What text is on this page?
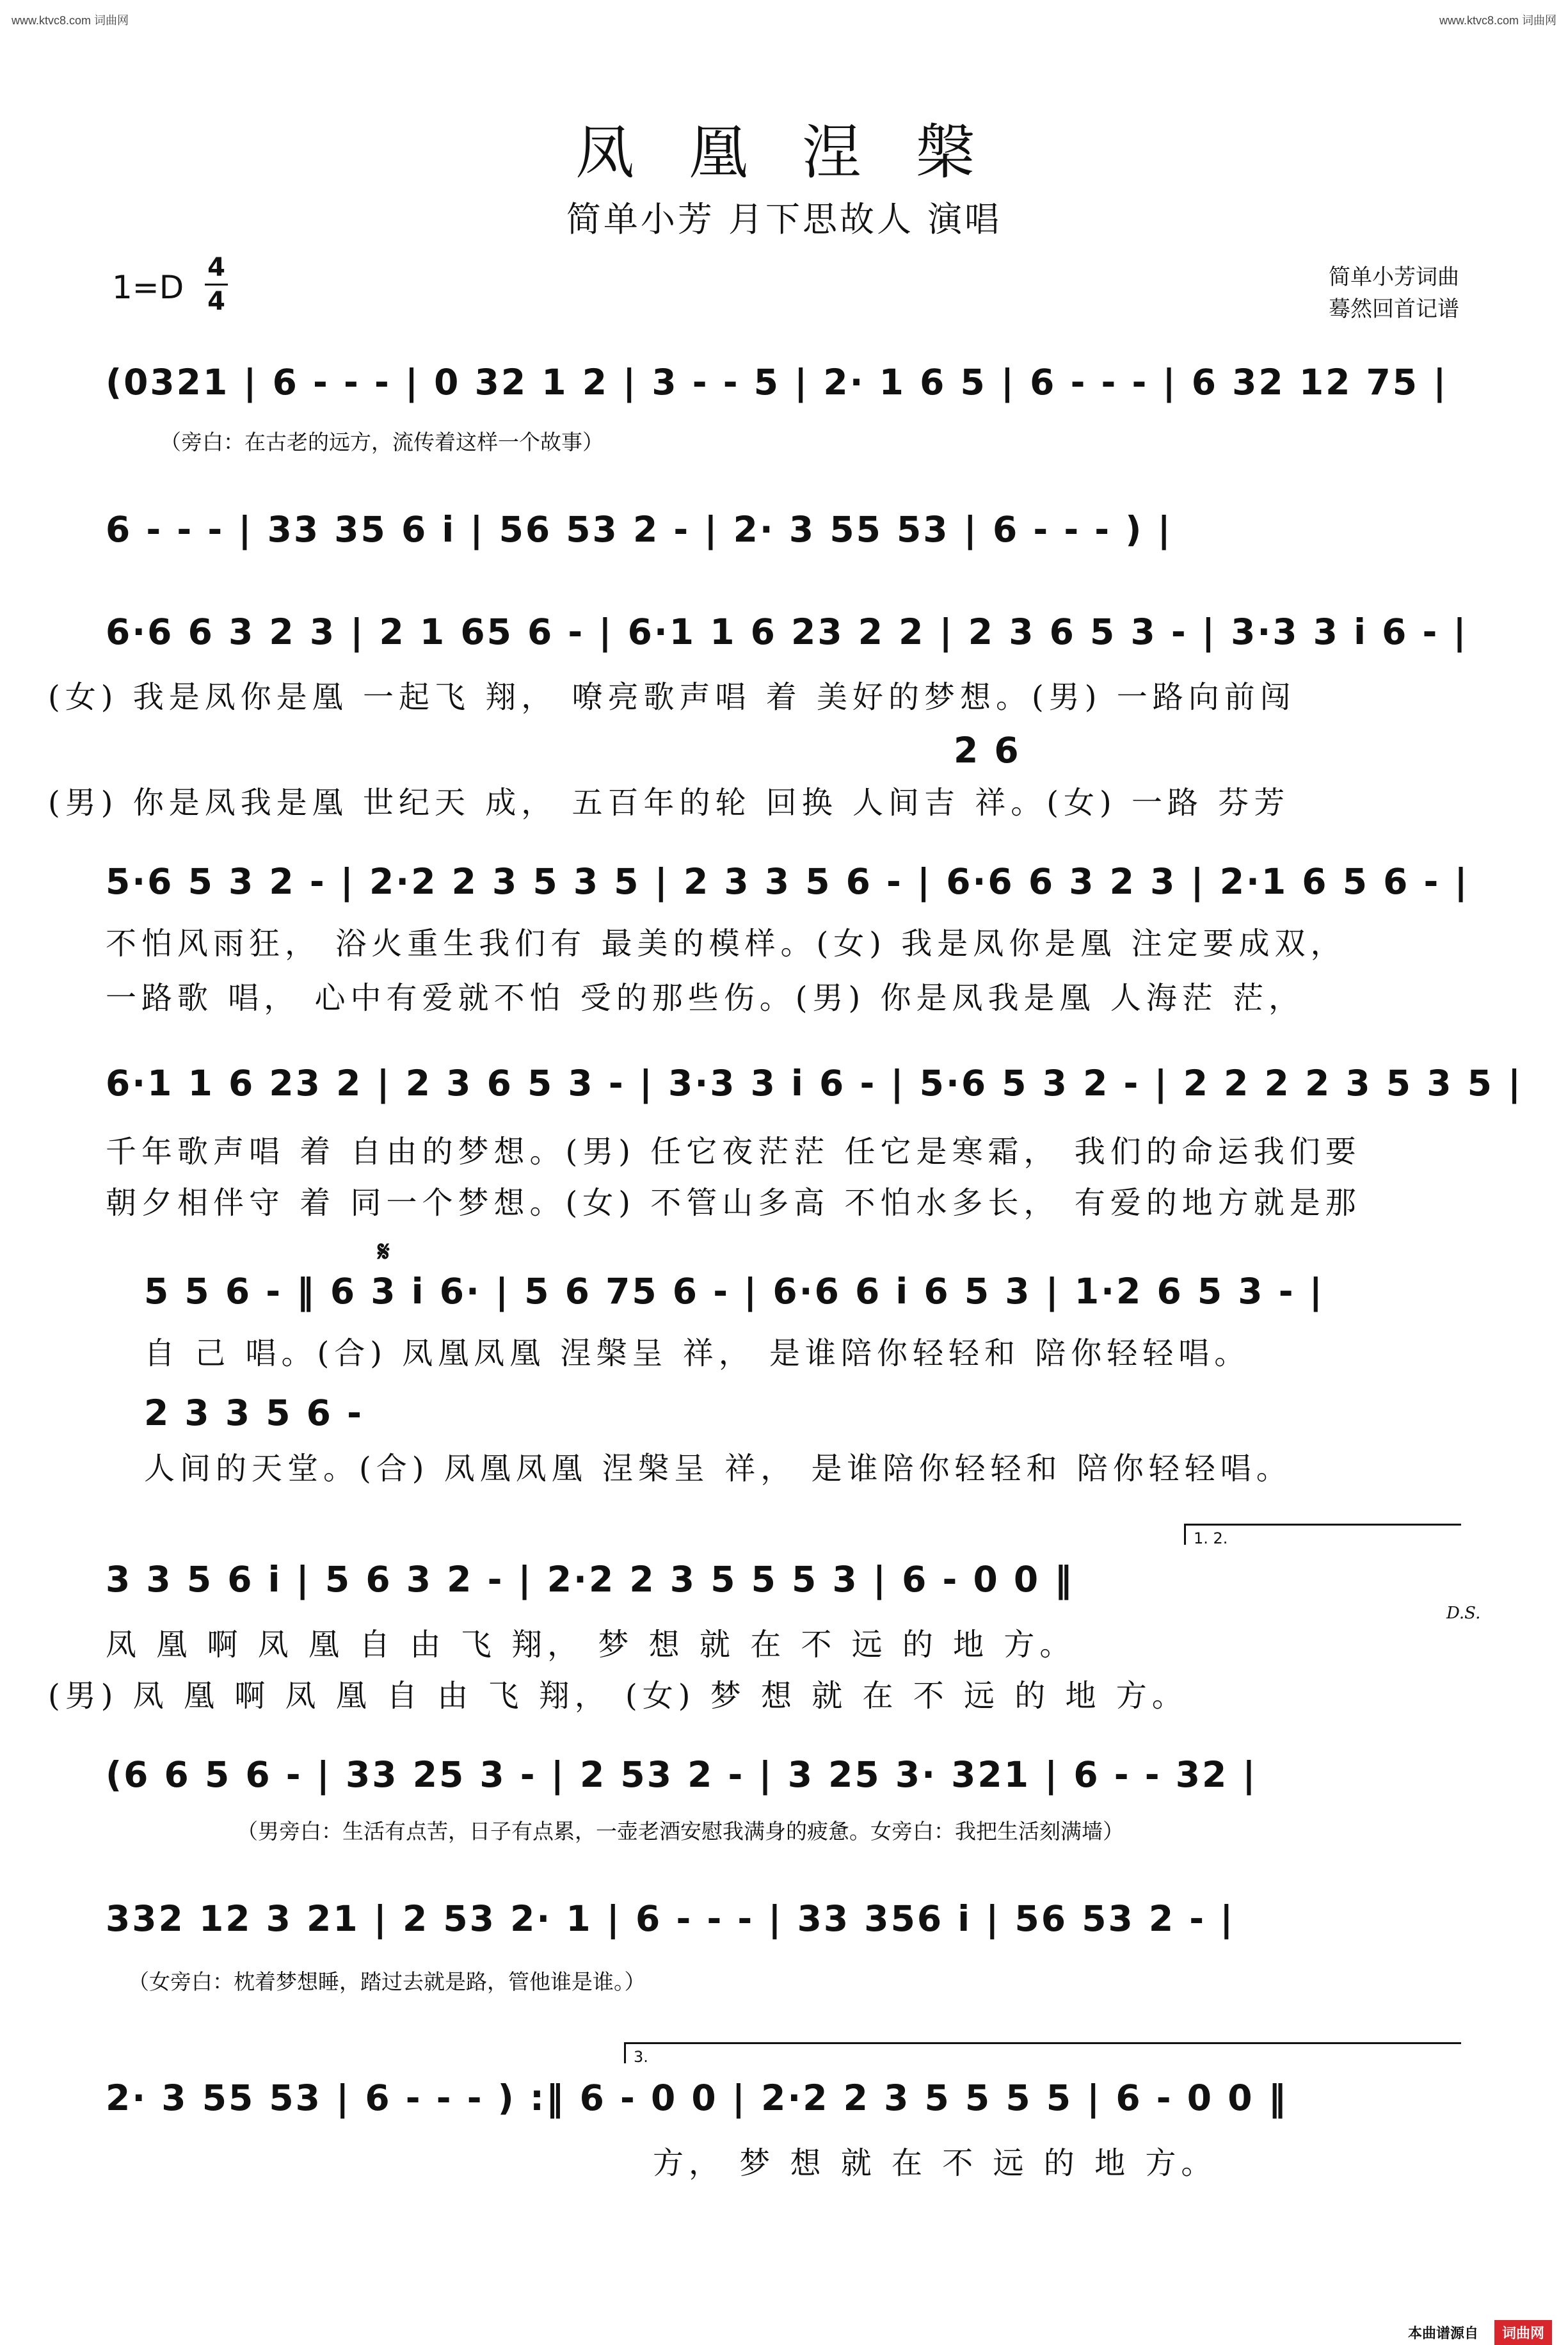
www.ktvc8.com 词曲网	www.ktvc8.com 词曲网
凤 凰 涅 槃
简单小芳 月下思故人 演唱
1=D
4
4
简单小芳词曲
蓦然回首记谱
(0321 | 6 - - - | 0 32 1 2 | 3 - - 5 | 2· 1 6 5 | 6 - - - | 6 32 12 75 |
（旁白：在古老的远方，流传着这样一个故事）
6 - - - | 33 35 6 i | 56 53 2 - | 2· 3 55 53 | 6 - - - ) |
6·6 6 3 2 3 | 2 1 65 6 - | 6·1 1 6 23 2 2 | 2 3 6 5 3 - | 3·3 3 i 6 - |
(女) 我是凤你是凰 一起飞 翔， 嘹亮歌声唱 着 美好的梦想。(男) 一路向前闯
2 6
(男) 你是凤我是凰 世纪天 成， 五百年的轮 回换 人间吉 祥。(女) 一路 芬芳
5·6 5 3 2 - | 2·2 2 3 5 3 5 | 2 3 3 5 6 - | 6·6 6 3 2 3 | 2·1 6 5 6 - |
不怕风雨狂， 浴火重生我们有 最美的模样。(女) 我是凤你是凰 注定要成双，
一路歌 唱， 心中有爱就不怕 受的那些伤。(男) 你是凤我是凰 人海茫 茫，
6·1 1 6 23 2 | 2 3 6 5 3 - | 3·3 3 i 6 - | 5·6 5 3 2 - | 2 2 2 2 3 5 3 5 |
千年歌声唱 着 自由的梦想。(男) 任它夜茫茫 任它是寒霜， 我们的命运我们要
朝夕相伴守 着 同一个梦想。(女) 不管山多高 不怕水多长， 有爱的地方就是那
𝄋
5 5 6 - ‖ 6 3 i 6· | 5 6 75 6 - | 6·6 6 i 6 5 3 | 1·2 6 5 3 - |
自 己 唱。(合) 凤凰凤凰 涅槃呈 祥， 是谁陪你轻轻和 陪你轻轻唱。
2 3 3 5 6 -
人间的天堂。(合) 凤凰凤凰 涅槃呈 祥， 是谁陪你轻轻和 陪你轻轻唱。
1. 2.
3 3 5 6 i | 5 6 3 2 - | 2·2 2 3 5 5 5 3 | 6 - 0 0 ‖
D.S.
凤 凰 啊 凤 凰 自 由 飞 翔， 梦 想 就 在 不 远 的 地 方。
(男) 凤 凰 啊 凤 凰 自 由 飞 翔， (女) 梦 想 就 在 不 远 的 地 方。
(6 6 5 6 - | 33 25 3 - | 2 53 2 - | 3 25 3· 321 | 6 - - 32 |
（男旁白：生活有点苦，日子有点累，一壶老酒安慰我满身的疲惫。女旁白：我把生活刻满墙）
332 12 3 21 | 2 53 2· 1 | 6 - - - | 33 356 i | 56 53 2 - |
（女旁白：枕着梦想睡，踏过去就是路，管他谁是谁。）
3.
2· 3 55 53 | 6 - - - ) :‖ 6 - 0 0 | 2·2 2 3 5 5 5 5 | 6 - 0 0 ‖
方， 梦 想 就 在 不 远 的 地 方。
本曲谱源自	词曲网
